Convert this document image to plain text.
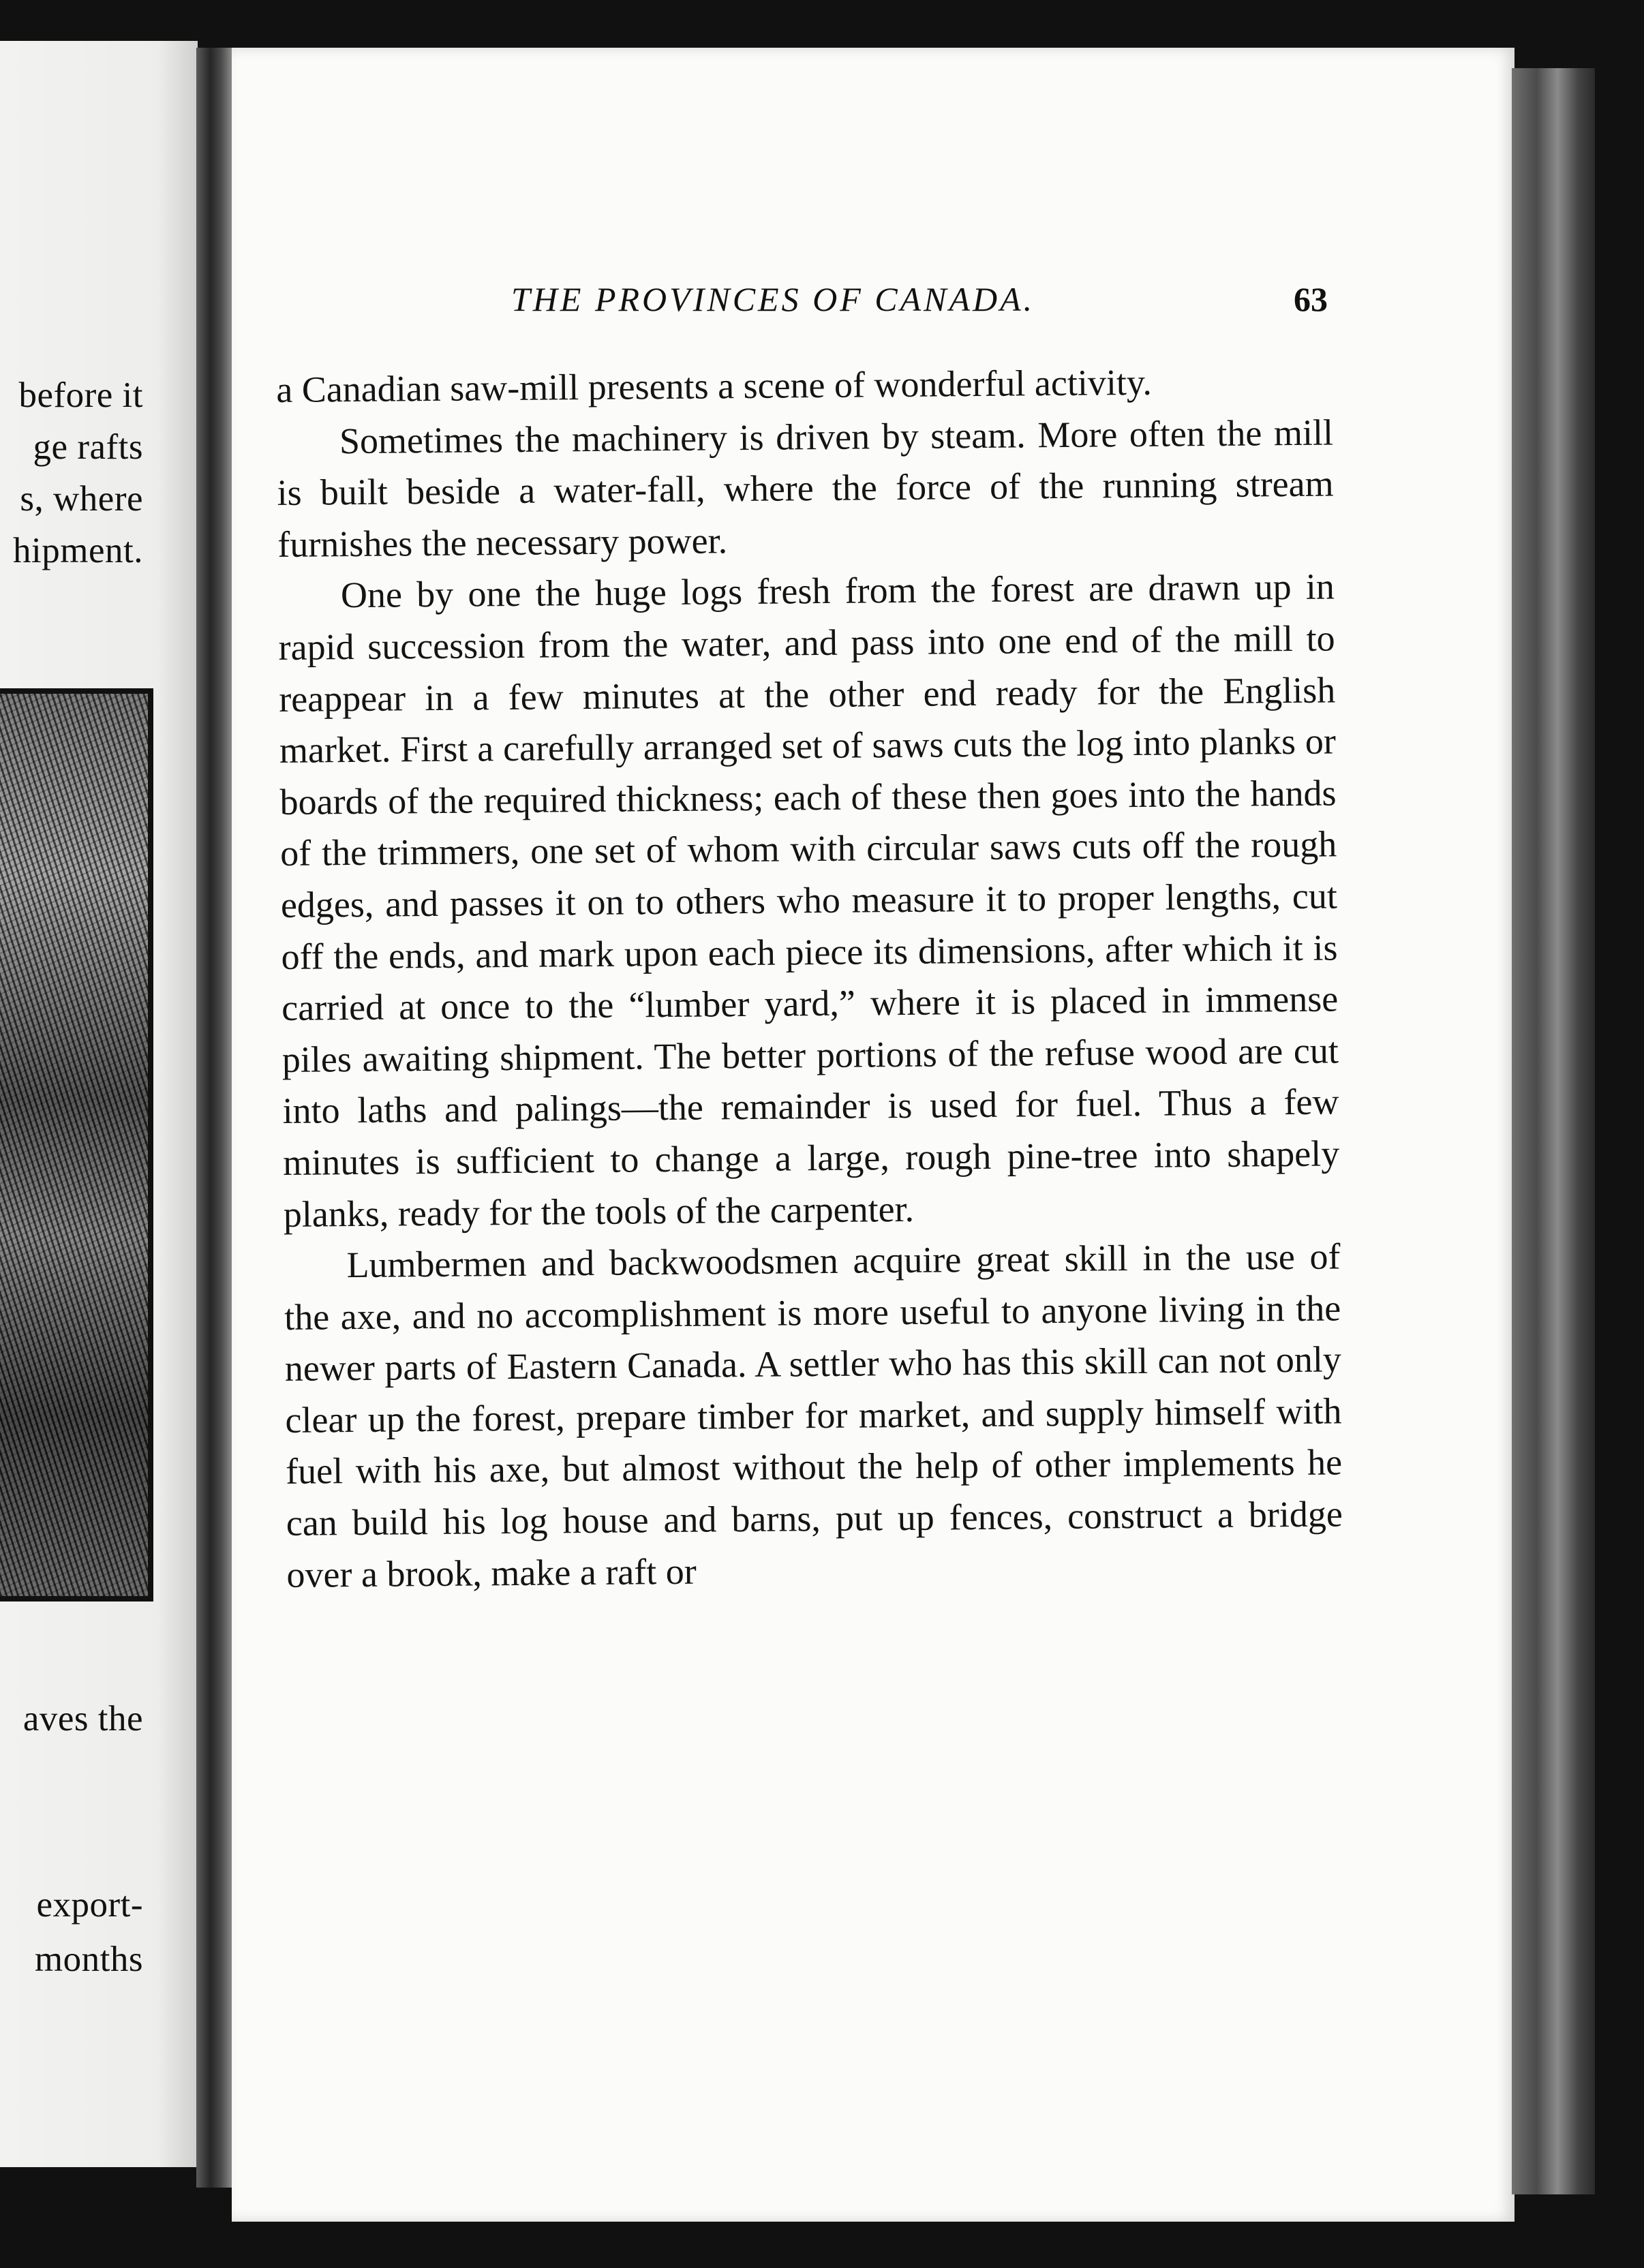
before it
ge rafts
s, where
hipment.
aves the
export-
months
THE PROVINCES OF CANADA.	63

a Canadian saw-mill presents a scene of wonderful activity.

Sometimes the machinery is driven by steam. More often the mill is built beside a water-fall, where the force of the running stream furnishes the necessary power.

One by one the huge logs fresh from the forest are drawn up in rapid succession from the water, and pass into one end of the mill to reappear in a few minutes at the other end ready for the English market. First a carefully arranged set of saws cuts the log into planks or boards of the required thickness; each of these then goes into the hands of the trimmers, one set of whom with circular saws cuts off the rough edges, and passes it on to others who measure it to proper lengths, cut off the ends, and mark upon each piece its dimensions, after which it is carried at once to the “lumber yard,” where it is placed in immense piles awaiting shipment. The better portions of the refuse wood are cut into laths and palings—the remainder is used for fuel. Thus a few minutes is sufficient to change a large, rough pine-tree into shapely planks, ready for the tools of the carpenter.

Lumbermen and backwoodsmen acquire great skill in the use of the axe, and no accomplishment is more useful to anyone living in the newer parts of Eastern Canada. A settler who has this skill can not only clear up the forest, prepare timber for market, and supply himself with fuel with his axe, but almost without the help of other implements he can build his log house and barns, put up fences, construct a bridge over a brook, make a raft or
